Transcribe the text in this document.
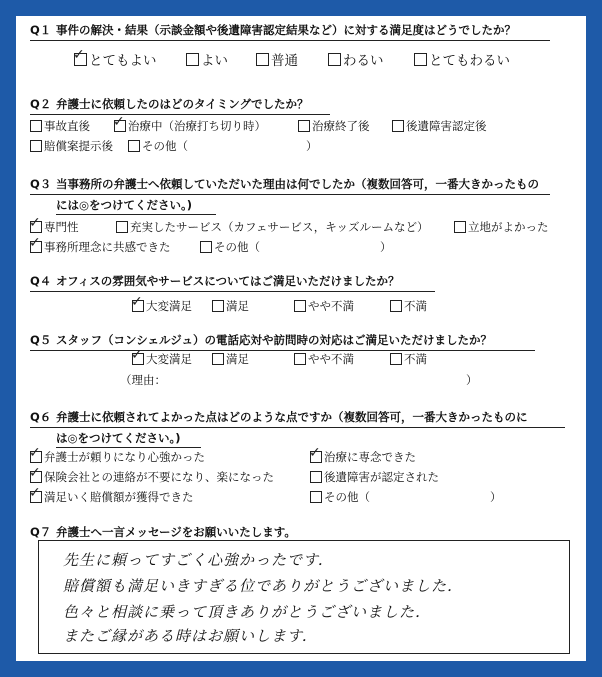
Q１ 事件の解決・結果（示談金額や後遺障害認定結果など）に対する満足度はどうでしたか？
✓ とてもよい	よい	普通	わるい	とてもわるい
Q２ 弁護士に依頼したのはどのタイミングでしたか？
事故直後 ✓ 治療中（治療打ち切り時）	治療終了後	後遺障害認定後
賠償案提示後	その他（	）
Q３ 当事務所の弁護士へ依頼していただいた理由は何でしたか（複数回答可，一番大きかったもの
には◎をつけてください。)
✓ 専門性	充実したサービス（カフェサービス，キッズルームなど）	立地がよかった
✓ 事務所理念に共感できた	その他（	）
Q４ オフィスの雰囲気やサービスについてはご満足いただけましたか？
✓ 大変満足	満足	やや不満	不満
Q５ スタッフ（コンシェルジュ）の電話応対や訪問時の対応はご満足いただけましたか？
✓ 大変満足	満足	やや不満	不満
（理由：	）
Q６ 弁護士に依頼されてよかった点はどのような点ですか（複数回答可，一番大きかったものに
は◎をつけてください。)
✓ 弁護士が頼りになり心強かった	✓ 治療に専念できた
✓ 保険会社との連絡が不要になり、楽になった	後遺障害が認定された
✓ 満足いく賠償額が獲得できた	その他（	）
Q７ 弁護士へ一言メッセージをお願いいたします。
先生に頼ってすごく心強かったです．
賠償額も満足いきすぎる位でありがとうございました．
色々と相談に乗って頂きありがとうございました．
またご縁がある時はお願いします．
